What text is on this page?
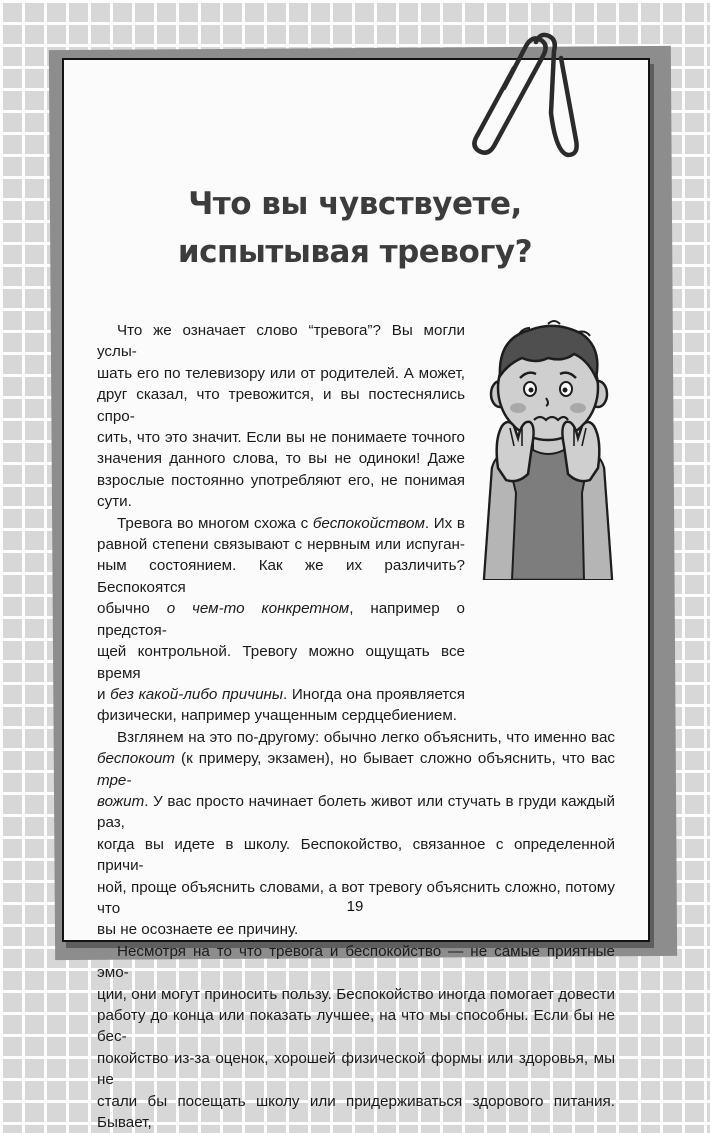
Что вы чувствуете,
испытывая тревогу?
Что же означает слово “тревога”? Вы могли услы-
шать его по телевизору или от родителей. А может,
друг сказал, что тревожится, и вы постеснялись спро-
сить, что это значит. Если вы не понимаете точного
значения данного слова, то вы не одиноки! Даже
взрослые постоянно употребляют его, не понимая
сути.
Тревога во многом схожа с беспокойством. Их в
равной степени связывают с нервным или испуган-
ным состоянием. Как же их различить? Беспокоятся
обычно о чем-то конкретном, например о предстоя-
щей контрольной. Тревогу можно ощущать все время
и без какой-либо причины. Иногда она проявляется
физически, например учащенным сердцебиением.
Взглянем на это по-другому: обычно легко объяснить, что именно вас
беспокоит (к примеру, экзамен), но бывает сложно объяснить, что вас тре-
вожит. У вас просто начинает болеть живот или стучать в груди каждый раз,
когда вы идете в школу. Беспокойство, связанное с определенной причи-
ной, проще объяснить словами, а вот тревогу объяснить сложно, потому что
вы не осознаете ее причину.
Несмотря на то что тревога и беспокойство — не самые приятные эмо-
ции, они могут приносить пользу. Беспокойство иногда помогает довести
работу до конца или показать лучшее, на что мы способны. Если бы не бес-
покойство из-за оценок, хорошей физической формы или здоровья, мы не
стали бы посещать школу или придерживаться здорового питания. Бывает,
19
